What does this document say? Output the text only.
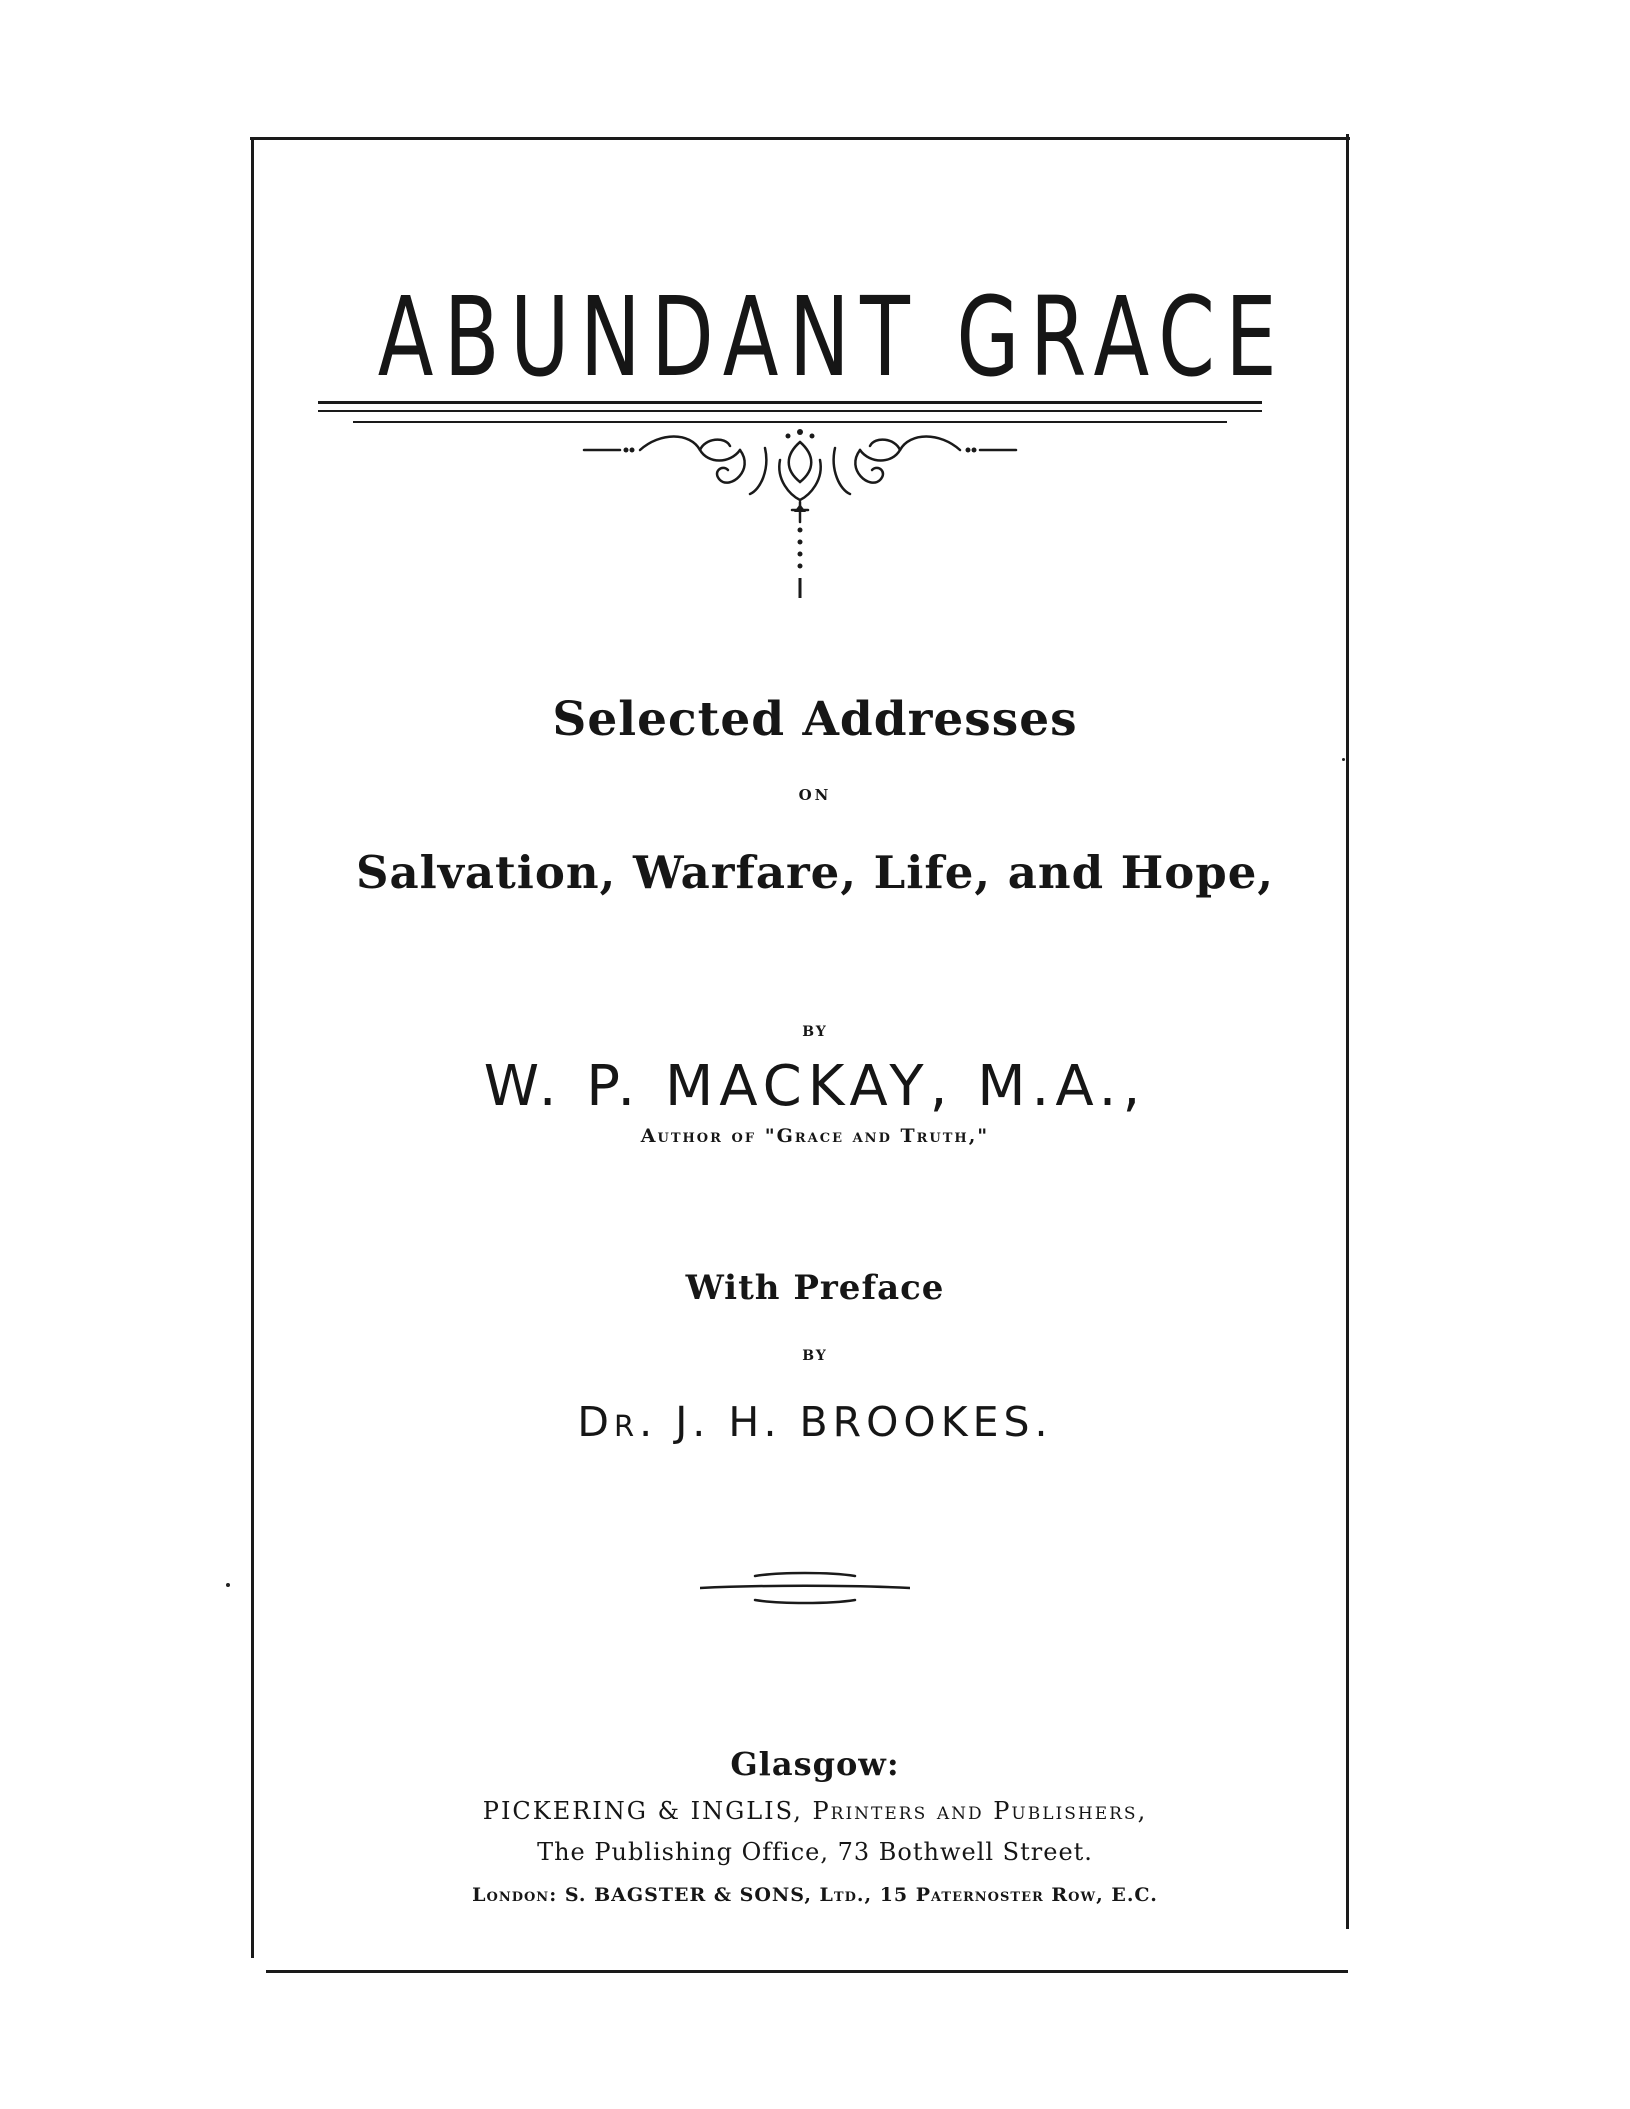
ABUNDANT GRACE
Selected Addresses
ON
Salvation, Warfare, Life, and Hope,
BY
W. P. MACKAY, M.A.,
Author of "Grace and Truth,"
With Preface
BY
Dr. J. H. BROOKES.
Glasgow:
PICKERING & INGLIS, Printers and Publishers,
The Publishing Office, 73 Bothwell Street.
London: S. BAGSTER & SONS, Ltd., 15 Paternoster Row, E.C.
